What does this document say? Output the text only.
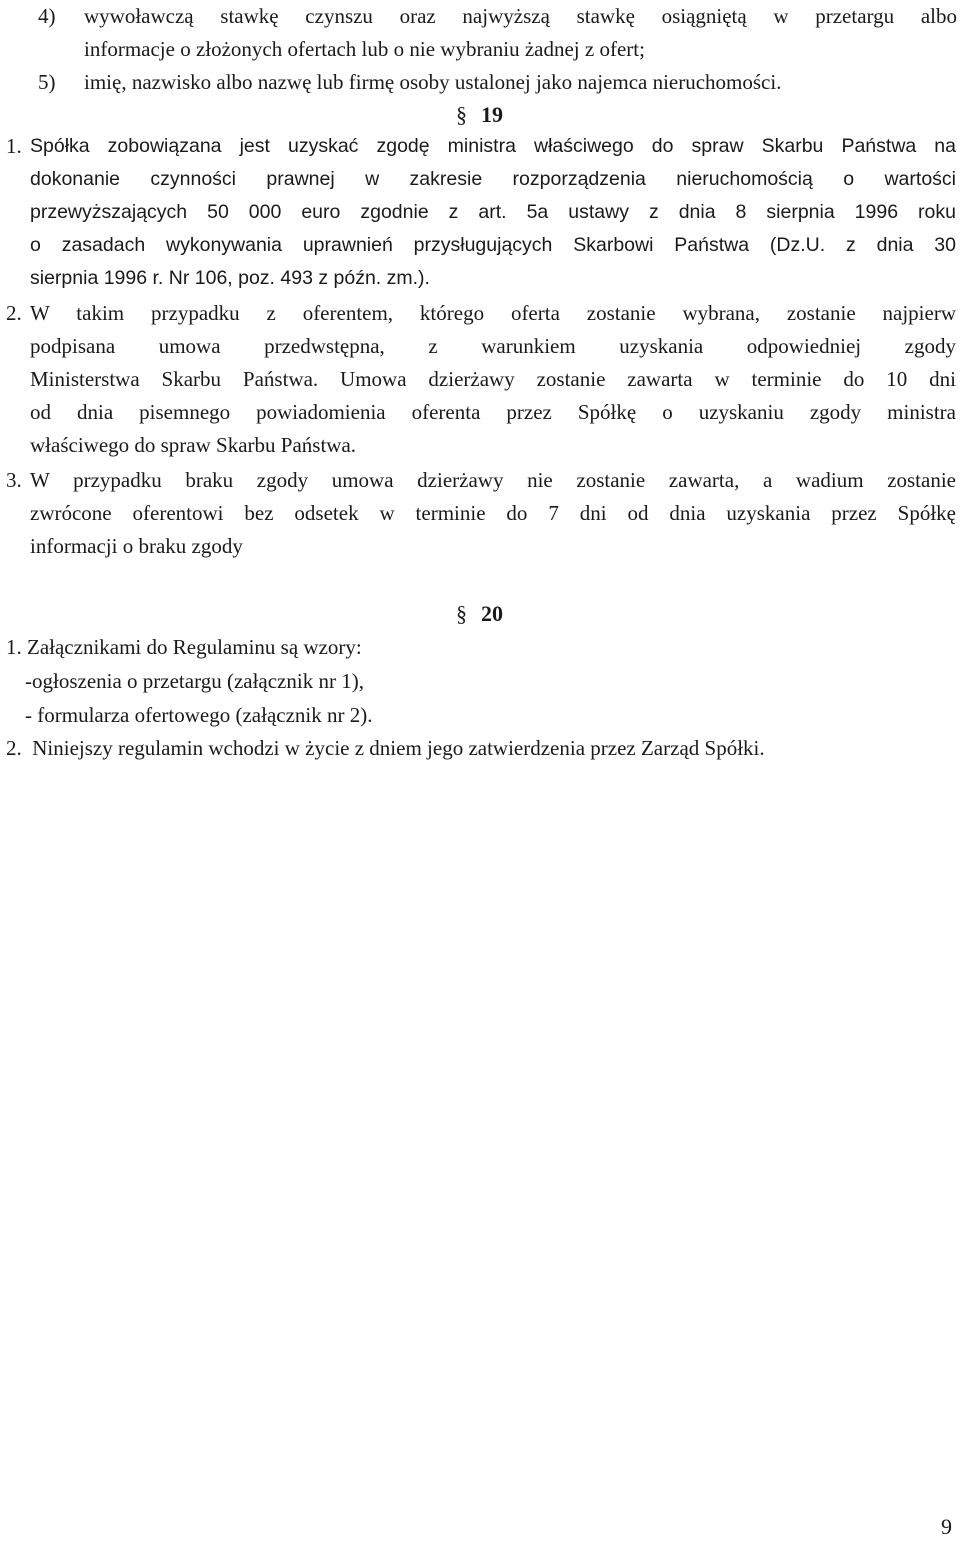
4) wywoławczą stawkę czynszu oraz najwyższą stawkę osiągniętą w przetargu albo
informacje o złożonych ofertach lub o nie wybraniu żadnej z ofert;
5) imię, nazwisko albo nazwę lub firmę osoby ustalonej jako najemca nieruchomości.
§ 19
1. Spółka zobowiązana jest uzyskać zgodę ministra właściwego do spraw Skarbu Państwa na
dokonanie czynności prawnej w zakresie rozporządzenia nieruchomością o wartości
przewyższających 50 000 euro zgodnie z art. 5a ustawy z dnia 8 sierpnia 1996 roku
o zasadach wykonywania uprawnień przysługujących Skarbowi Państwa (Dz.U. z dnia 30
sierpnia 1996 r. Nr 106, poz. 493 z późn. zm.).
2. W takim przypadku z oferentem, którego oferta zostanie wybrana, zostanie najpierw
podpisana umowa przedwstępna, z warunkiem uzyskania odpowiedniej zgody
Ministerstwa Skarbu Państwa. Umowa dzierżawy zostanie zawarta w terminie do 10 dni
od dnia pisemnego powiadomienia oferenta przez Spółkę o uzyskaniu zgody ministra
właściwego do spraw Skarbu Państwa.
3. W przypadku braku zgody umowa dzierżawy nie zostanie zawarta, a wadium zostanie
zwrócone oferentowi bez odsetek w terminie do 7 dni od dnia uzyskania przez Spółkę
informacji o braku zgody
§ 20
1. Załącznikami do Regulaminu są wzory:
-ogłoszenia o przetargu (załącznik nr 1),
- formularza ofertowego (załącznik nr 2).
2.  Niniejszy regulamin wchodzi w życie z dniem jego zatwierdzenia przez Zarząd Spółki.
9
